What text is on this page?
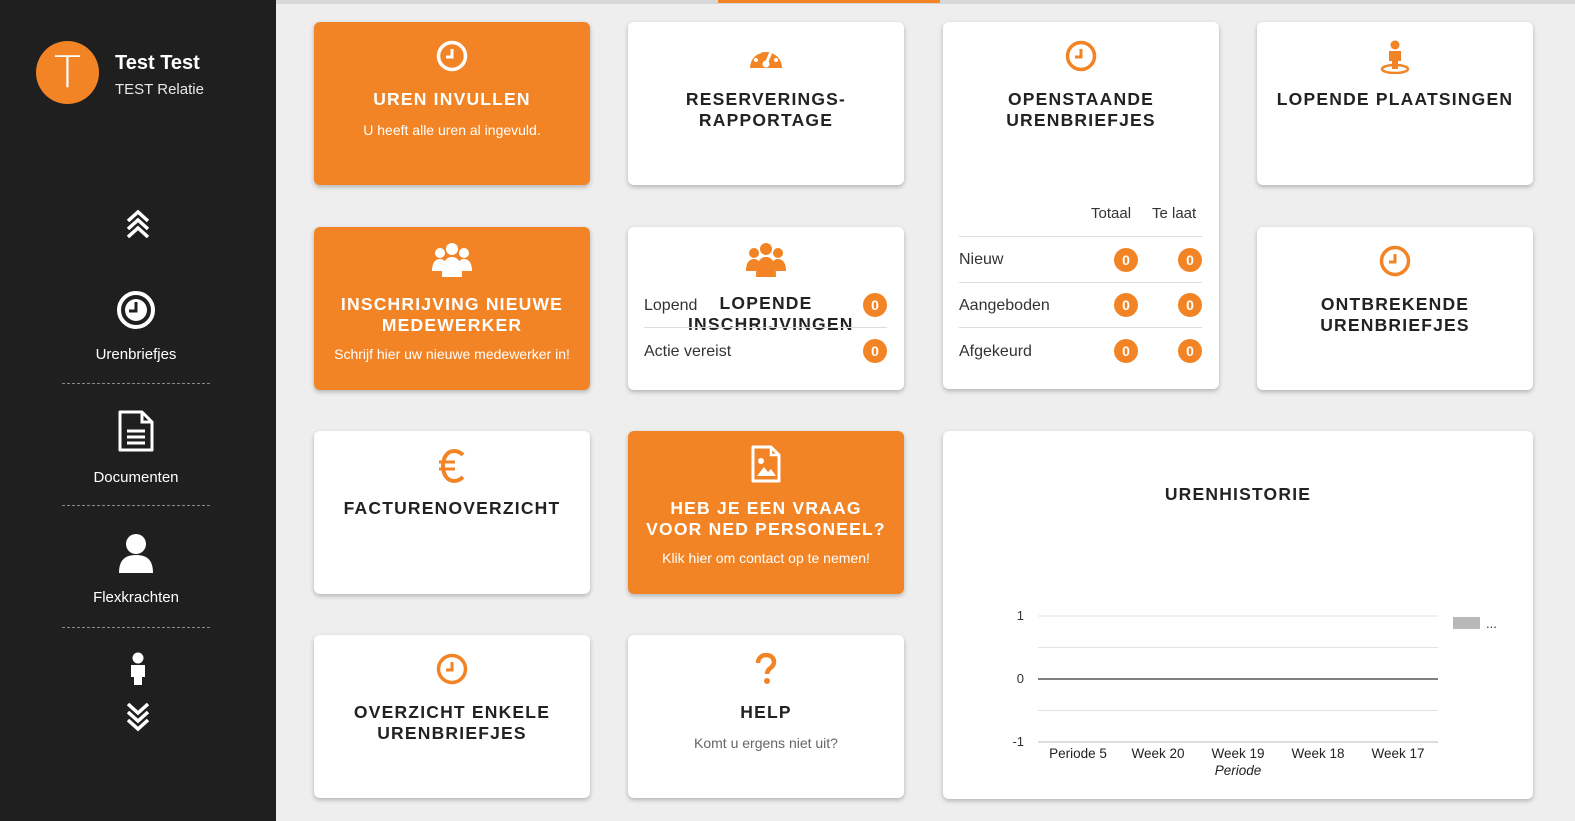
T	Test Test
TEST Relatie
Urenbriefjes
Documenten
Flexkrachten
UREN INVULLEN
U heeft alle uren al ingevuld.
RESERVERINGS-RAPPORTAGE
OPENSTAANDE URENBRIEFJES
Totaal Te laat
Nieuw	0	0
Aangeboden	0	0
Afgekeurd	0	0
LOPENDE PLAATSINGEN
INSCHRIJVING NIEUWE MEDEWERKER
Schrijf hier uw nieuwe medewerker in!
LOPENDE INSCHRIJVINGEN
Lopend	0
Actie vereist	0
ONTBREKENDE URENBRIEFJES
FACTURENOVERZICHT	HEB JE EEN VRAAG VOOR NED PERSONEEL?
Klik hier om contact op te nemen!
URENHISTORIE
1
0
-1
Periode 5 Week 20 Week 19 Week 18 Week 17
Periode
...
OVERZICHT ENKELE URENBRIEFJES
HELP
Komt u ergens niet uit?
